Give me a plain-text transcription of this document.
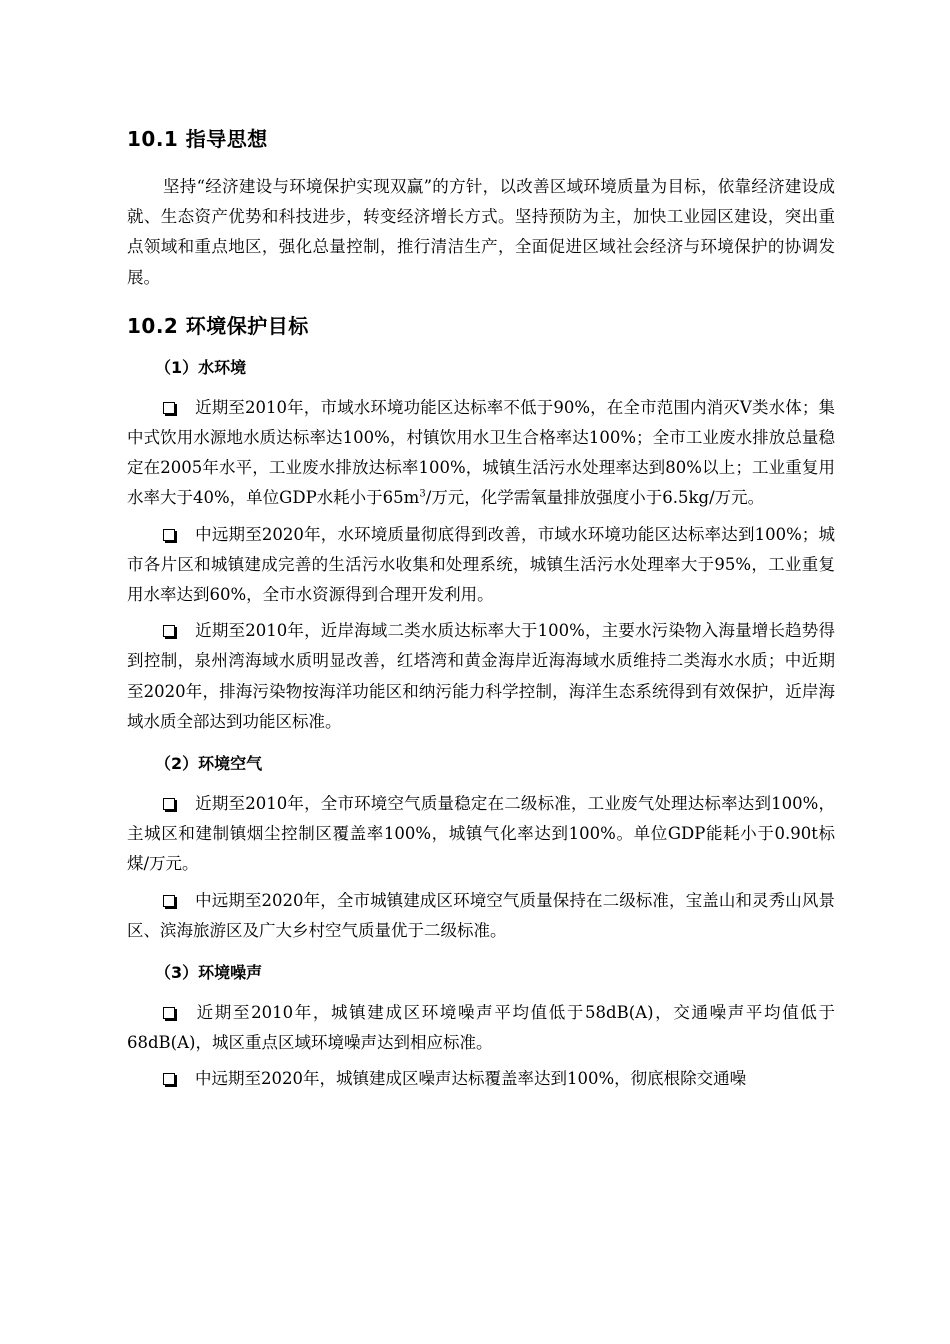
10.1 指导思想

坚持“经济建设与环境保护实现双赢”的方针，以改善区域环境质量为目标，依靠经济建设成就、生态资产优势和科技进步，转变经济增长方式。坚持预防为主，加快工业园区建设，突出重点领域和重点地区，强化总量控制，推行清洁生产，全面促进区域社会经济与环境保护的协调发展。

10.2 环境保护目标
（1）水环境

近期至2010年，市域水环境功能区达标率不低于90%，在全市范围内消灭Ⅴ类水体；集中式饮用水源地水质达标率达100%，村镇饮用水卫生合格率达100%；全市工业废水排放总量稳定在2005年水平，工业废水排放达标率100%，城镇生活污水处理率达到80%以上；工业重复用水率大于40%，单位GDP水耗小于$65m^3/$万元，化学需氧量排放强度小于6.5kg/万元。

中远期至2020年，水环境质量彻底得到改善，市域水环境功能区达标率达到100%；城市各片区和城镇建成完善的生活污水收集和处理系统，城镇生活污水处理率大于95%，工业重复用水率达到60%，全市水资源得到合理开发利用。

近期至2010年，近岸海域二类水质达标率大于100%，主要水污染物入海量增长趋势得到控制，泉州湾海域水质明显改善，红塔湾和黄金海岸近海海域水质维持二类海水水质；中近期至2020年，排海污染物按海洋功能区和纳污能力科学控制，海洋生态系统得到有效保护，近岸海域水质全部达到功能区标准。

（2）环境空气

近期至2010年，全市环境空气质量稳定在二级标准，工业废气处理达标率达到100%，主城区和建制镇烟尘控制区覆盖率100%，城镇气化率达到100%。单位GDP能耗小于0.90t标煤/万元。

中远期至2020年，全市城镇建成区环境空气质量保持在二级标准，宝盖山和灵秀山风景区、滨海旅游区及广大乡村空气质量优于二级标准。

（3）环境噪声

近期至2010年，城镇建成区环境噪声平均值低于58dB(A)，交通噪声平均值低于68dB(A)，城区重点区域环境噪声达到相应标准。

中远期至2020年，城镇建成区噪声达标覆盖率达到100%，彻底根除交通噪
